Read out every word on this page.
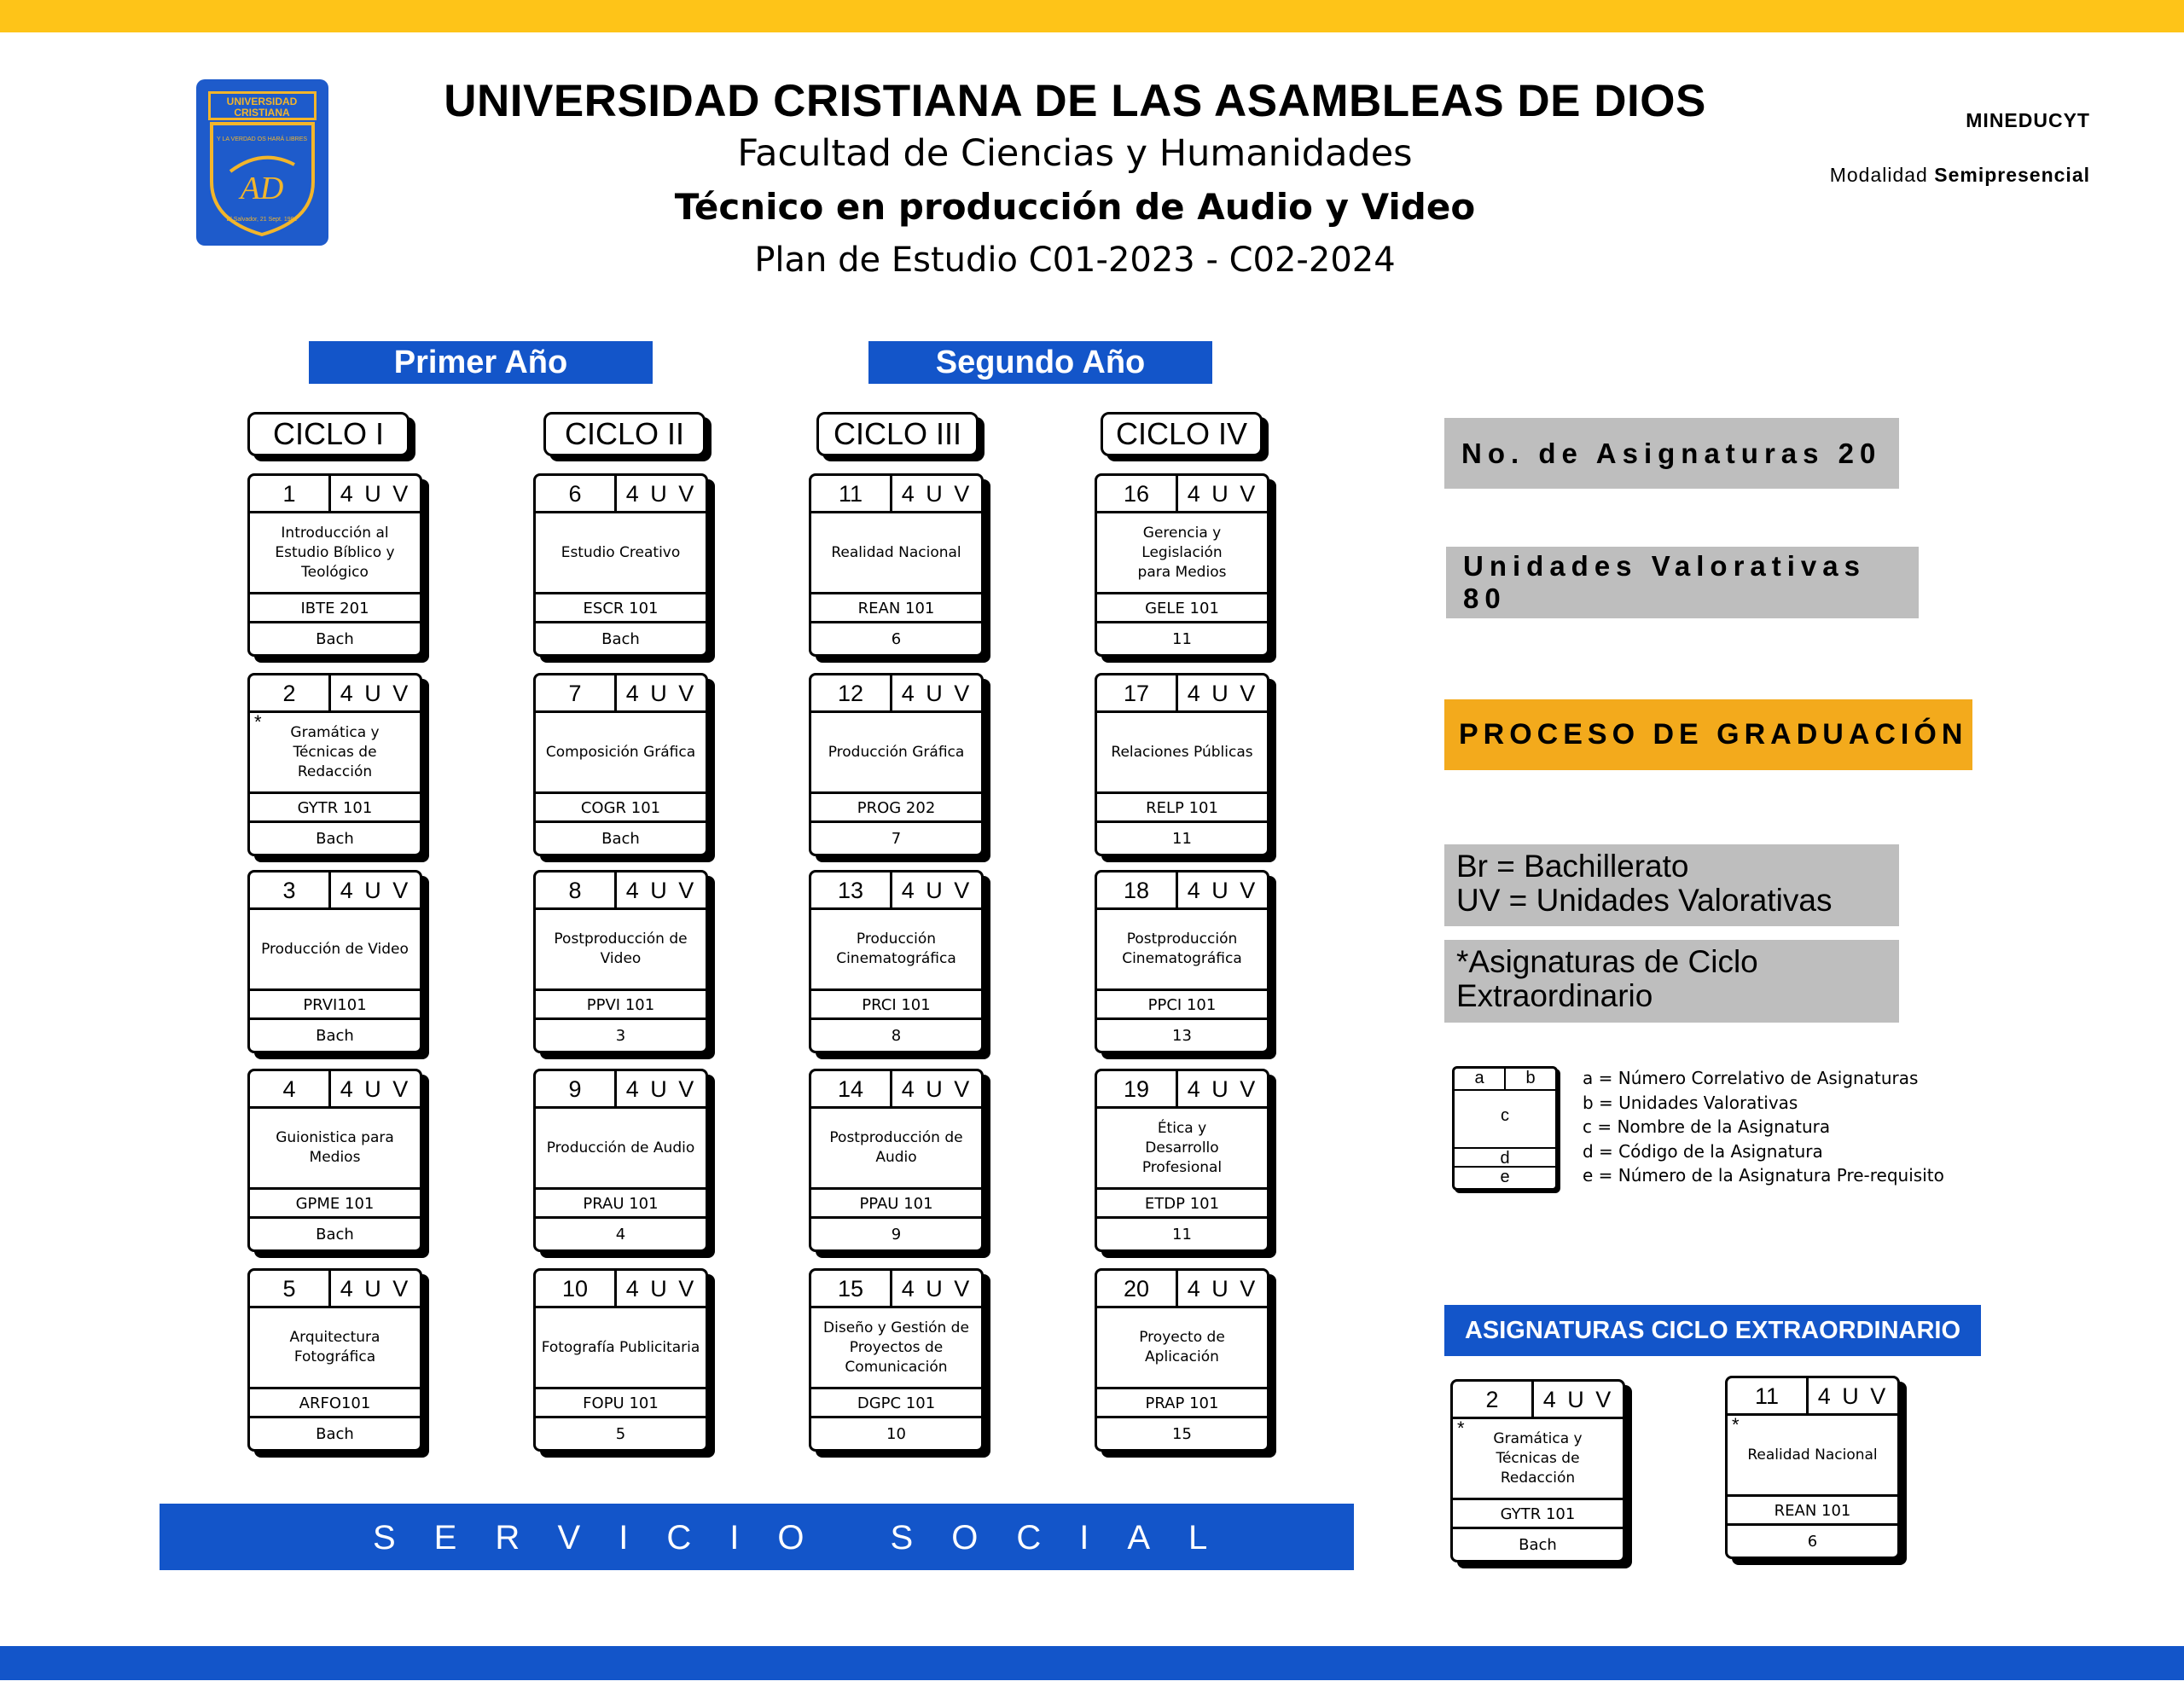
UNIVERSIDAD
CRISTIANA
Y LA VERDAD OS HARÁ LIBRES
AD
El Salvador, 21 Sept. 1982
UNIVERSIDAD CRISTIANA DE LAS ASAMBLEAS DE DIOS
Facultad de Ciencias y Humanidades
Técnico en producción de Audio y Video
Plan de Estudio C01-2023 - C02-2024
MINEDUCYT
Modalidad Semipresencial
Primer Año	Segundo Año
CICLO I	CICLO II	CICLO III	CICLO IV
1	4 U V
Introducción al
Estudio Bíblico y
Teológico
IBTE 201
Bach
2	4 U V
*	Gramática y
Técnicas de
Redacción
GYTR 101
Bach
3	4 U V
Producción de Video
PRVI101
Bach
4	4 U V
Guionistica para
Medios
GPME 101
Bach
5	4 U V
Arquitectura
Fotográfica
ARFO101
Bach
6	4 U V
Estudio Creativo
ESCR 101
Bach
7	4 U V
Composición Gráfica
COGR 101
Bach
8	4 U V
Postproducción de
Video
PPVI 101
3
9	4 U V
Producción de Audio
PRAU 101
4
10	4 U V
Fotografía Publicitaria
FOPU 101
5
11	4 U V
Realidad Nacional
REAN 101
6
12	4 U V
Producción Gráfica
PROG 202
7
13	4 U V
Producción
Cinematográfica
PRCI 101
8
14	4 U V
Postproducción de
Audio
PPAU 101
9
15	4 U V
Diseño y Gestión de
Proyectos de
Comunicación
DGPC 101
10
16	4 U V
Gerencia y
Legislación
para Medios
GELE 101
11
17	4 U V
Relaciones Públicas
RELP 101
11
18	4 U V
Postproducción
Cinematográfica
PPCI 101
13
19	4 U V
Ética y
Desarrollo
Profesional
ETDP 101
11
20	4 U V
Proyecto de
Aplicación
PRAP 101
15
2	4 U V
*	Gramática y
Técnicas de
Redacción
GYTR 101
Bach
11	4 U V
*
Realidad Nacional
REAN 101
6
No. de Asignaturas 20
Unidades Valorativas 80
PROCESO DE GRADUACIÓN
Br = Bachillerato
UV = Unidades Valorativas
*Asignaturas de Ciclo
Extraordinario
a	b
c
d
e
a = Número Correlativo de Asignaturas
b = Unidades Valorativas
c = Nombre de la Asignatura
d = Código de la Asignatura
e = Número de la Asignatura Pre-requisito
ASIGNATURAS CICLO EXTRAORDINARIO
SERVICIO SOCIAL
